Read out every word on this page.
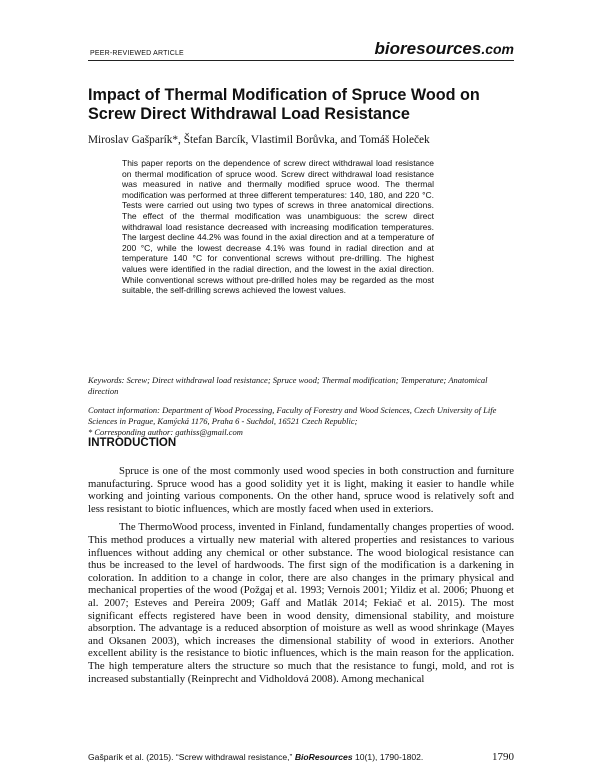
PEER-REVIEWED ARTICLE	bioresources.com
Impact of Thermal Modification of Spruce Wood on Screw Direct Withdrawal Load Resistance
Miroslav Gašparík*, Štefan Barcík, Vlastimil Borůvka, and Tomáš Holeček
This paper reports on the dependence of screw direct withdrawal load resistance on thermal modification of spruce wood. Screw direct withdrawal load resistance was measured in native and thermally modified spruce wood. The thermal modification was performed at three different temperatures: 140, 180, and 220 °C. Tests were carried out using two types of screws in three anatomical directions. The effect of the thermal modification was unambiguous: the screw direct withdrawal load resistance decreased with increasing modification temperatures. The largest decline 44.2% was found in the axial direction and at a temperature of 200 °C, while the lowest decrease 4.1% was found in radial direction and at temperature 140 °C for conventional screws without pre-drilling. The highest values were identified in the radial direction, and the lowest in the axial direction. While conventional screws without pre-drilled holes may be regarded as the most suitable, the self-drilling screws achieved the lowest values.
Keywords: Screw; Direct withdrawal load resistance; Spruce wood; Thermal modification; Temperature; Anatomical direction

Contact information: Department of Wood Processing, Faculty of Forestry and Wood Sciences, Czech University of Life Sciences in Prague, Kamýcká 1176, Praha 6 - Suchdol, 16521 Czech Republic;

* Corresponding author: gathiss@gmail.com

INTRODUCTION

Spruce is one of the most commonly used wood species in both construction and furniture manufacturing. Spruce wood has a good solidity yet it is light, making it easier to handle while working and jointing various components. On the other hand, spruce wood is relatively soft and less resistant to biotic influences, which are mostly faced when used in exteriors.

The ThermoWood process, invented in Finland, fundamentally changes properties of wood. This method produces a virtually new material with altered properties and resistances to various influences without adding any chemical or other substance. The wood biological resistance can thus be increased to the level of hardwoods. The first sign of the modification is a darkening in coloration. In addition to a change in color, there are also changes in the primary physical and mechanical properties of the wood (Požgaj et al. 1993; Vernois 2001; Yildiz et al. 2006; Phuong et al. 2007; Esteves and Pereira 2009; Gaff and Matlák 2014; Fekiač et al. 2015). The most significant effects registered have been in wood density, dimensional stability, and moisture absorption. The advantage is a reduced absorption of moisture as well as wood shrinkage (Mayes and Oksanen 2003), which increases the dimensional stability of wood in exteriors. Another excellent ability is the resistance to biotic influences, which is the main reason for the application. The high temperature alters the structure so much that the resistance to fungi, mold, and rot is increased substantially (Reinprecht and Vidholdová 2008). Among mechanical

Gašparík et al. (2015). “Screw withdrawal resistance,” BioResources 10(1), 1790-1802.	1790
